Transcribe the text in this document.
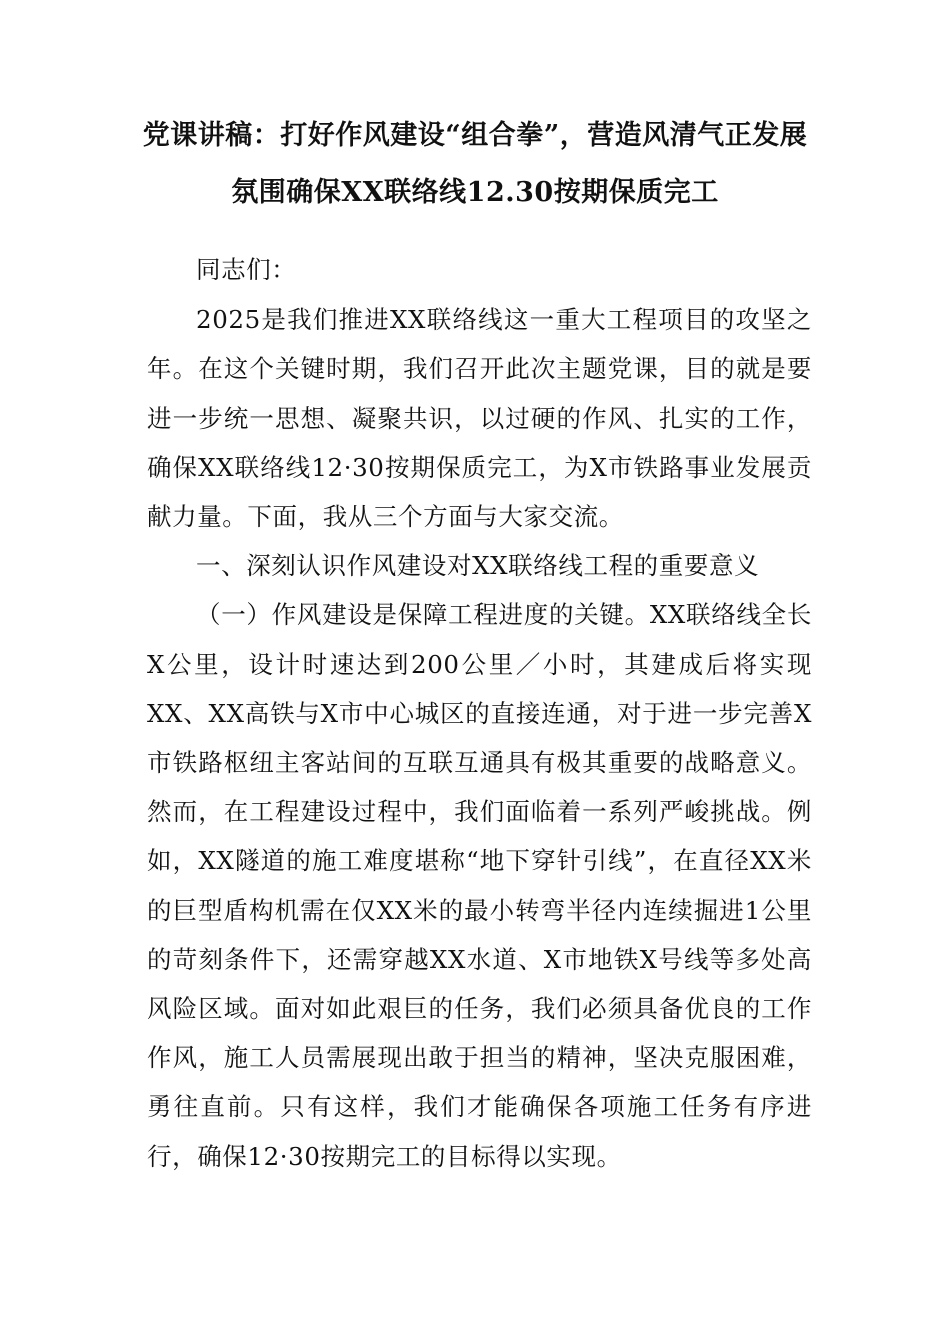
党课讲稿：打好作风建设“组合拳”，营造风清气正发展
氛围确保XX联络线12.30按期保质完工

同志们：

2025是我们推进XX联络线这一重大工程项目的攻坚之年。在这个关键时期，我们召开此次主题党课，目的就是要进一步统一思想、凝聚共识，以过硬的作风、扎实的工作，确保XX联络线12·30按期保质完工，为X市铁路事业发展贡献力量。下面，我从三个方面与大家交流。

一、深刻认识作风建设对XX联络线工程的重要意义

（一）作风建设是保障工程进度的关键。XX联络线全长X公里，设计时速达到200公里／小时，其建成后将实现XX、XX高铁与X市中心城区的直接连通，对于进一步完善X市铁路枢纽主客站间的互联互通具有极其重要的战略意义。然而，在工程建设过程中，我们面临着一系列严峻挑战。例如，XX隧道的施工难度堪称“地下穿针引线”，在直径XX米的巨型盾构机需在仅XX米的最小转弯半径内连续掘进1公里的苛刻条件下，还需穿越XX水道、X市地铁X号线等多处高风险区域。面对如此艰巨的任务，我们必须具备优良的工作作风，施工人员需展现出敢于担当的精神，坚决克服困难，勇往直前。只有这样，我们才能确保各项施工任务有序进行，确保12·30按期完工的目标得以实现。
